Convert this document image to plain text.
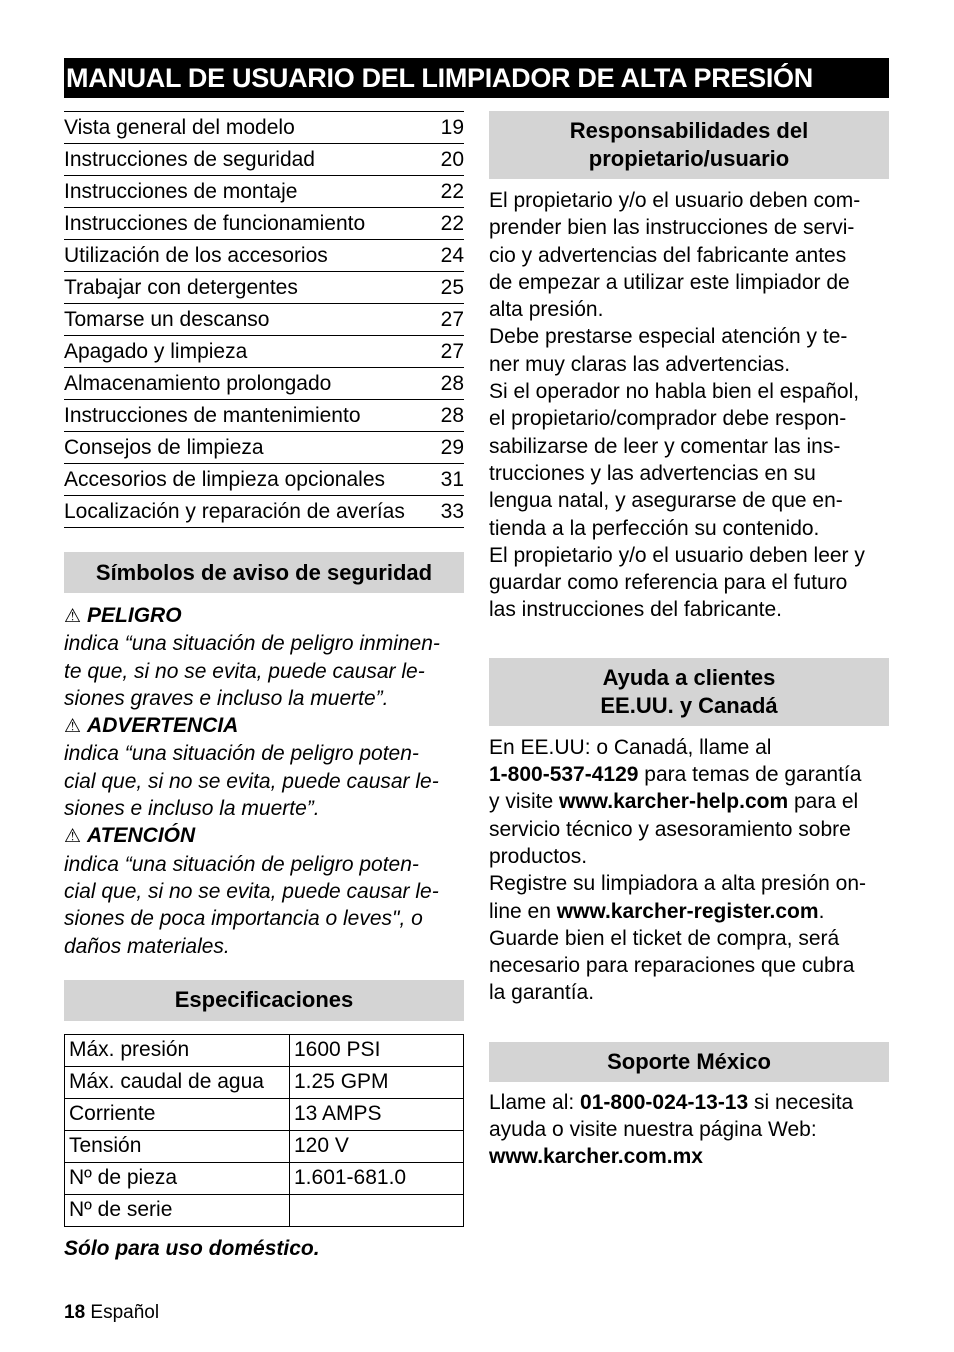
MANUAL DE USUARIO DEL LIMPIADOR DE ALTA PRESIÓN
Vista general del modelo	19
Instrucciones de seguridad	20
Instrucciones de montaje	22
Instrucciones de funcionamiento	22
Utilización de los accesorios	24
Trabajar con detergentes	25
Tomarse un descanso	27
Apagado y limpieza	27
Almacenamiento prolongado	28
Instrucciones de mantenimiento	28
Consejos de limpieza	29
Accesorios de limpieza opcionales	31
Localización y reparación de averías 33
Símbolos de aviso de seguridad
⚠ PELIGRO
indica “una situación de peligro inminen-
te que, si no se evita, puede causar le-
siones graves e incluso la muerte”.
⚠ ADVERTENCIA
indica “una situación de peligro poten-
cial que, si no se evita, puede causar le-
siones e incluso la muerte”.
⚠ ATENCIÓN
indica “una situación de peligro poten-
cial que, si no se evita, puede causar le-
siones de poca importancia o leves", o
daños materiales.
Especificaciones
Máx. presión	1600 PSI
Máx. caudal de agua	1.25 GPM
Corriente	13 AMPS
Tensión	120 V
Nº de pieza	1.601-681.0
Nº de serie	
Sólo para uso doméstico.
Responsabilidades del
propietario/usuario
El propietario y/o el usuario deben com-
prender bien las instrucciones de servi-
cio y advertencias del fabricante antes
de empezar a utilizar este limpiador de
alta presión.
Debe prestarse especial atención y te-
ner muy claras las advertencias.
Si el operador no habla bien el español,
el propietario/comprador debe respon-
sabilizarse de leer y comentar las ins-
trucciones y las advertencias en su
lengua natal, y asegurarse de que en-
tienda a la perfección su contenido.
El propietario y/o el usuario deben leer y
guardar como referencia para el futuro
las instrucciones del fabricante.
Ayuda a clientes
EE.UU. y Canadá
En EE.UU: o Canadá, llame al
1-800-537-4129 para temas de garantía
y visite www.karcher-help.com para el
servicio técnico y asesoramiento sobre
productos.
Registre su limpiadora a alta presión on-
line en www.karcher-register.com.
Guarde bien el ticket de compra, será
necesario para reparaciones que cubra
la garantía.
Soporte México
Llame al: 01-800-024-13-13 si necesita
ayuda o visite nuestra página Web:
www.karcher.com.mx
18 Español
